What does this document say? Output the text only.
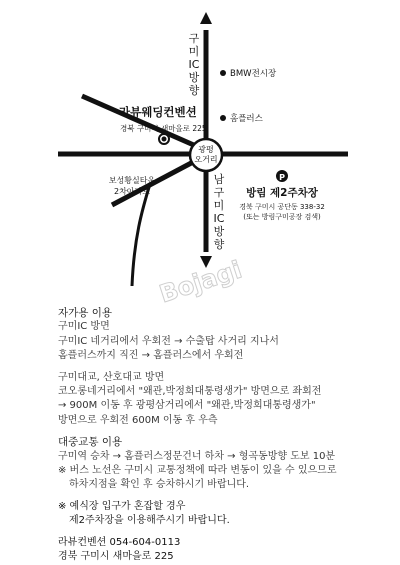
구
미
IC
방
향
남
구
미
IC
방
향
BMW전시장
홈플러스
라뷰웨딩컨벤션
경북 구미시 새마을로 225
광평
오거리
보성황실타운
2차아파트
P
방림 제2주차장
경북 구미시 공단동 338-32
(또는 방림구미공장 검색)
Bojagi
자가용 이용
구미IC 방면
구미IC 네거리에서 우회전 → 수출탑 사거리 지나서
홈플러스까지 직진 → 홈플러스에서 우회전
구미대교, 산호대교 방면
코오롱네거리에서 "왜관,박정희대통령생가" 방면으로 좌회전
→ 900M 이동 후 광평삼거리에서 "왜관,박정희대통령생가"
방면으로 우회전 600M 이동 후 우측
대중교통 이용
구미역 승차 → 홈플러스정문건너 하차 → 형곡동방향 도보 10분
※ 버스 노선은 구미시 교통정책에 따라 변동이 있을 수 있으므로
하차지점을 확인 후 승차하시기 바랍니다.
※ 예식장 입구가 혼잡할 경우
제2주차장을 이용해주시기 바랍니다.
라뷰컨벤션 054-604-0113
경북 구미시 새마을로 225
